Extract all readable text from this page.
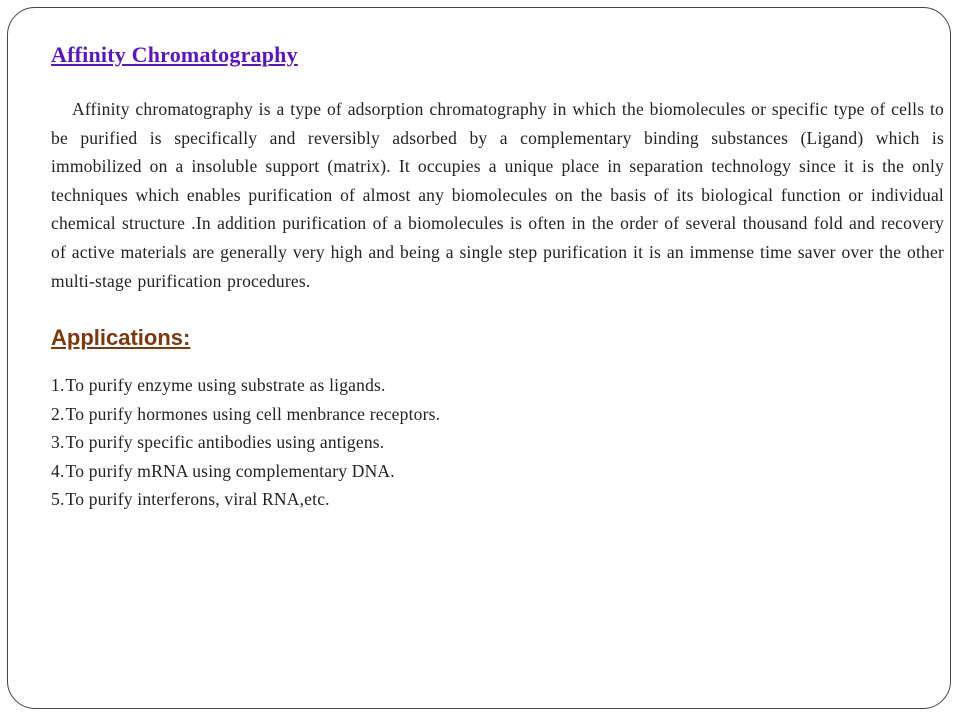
Affinity Chromatography

Affinity chromatography is a type of adsorption chromatography in which the biomolecules or specific type of cells to be purified is specifically and reversibly adsorbed by a complementary binding substances (Ligand) which is immobilized on a insoluble support (matrix). It occupies a unique place in separation technology since it is the only techniques which enables purification of almost any biomolecules on the basis of its biological function or individual chemical structure .In addition purification of a biomolecules is often in the order of several thousand fold and recovery of active materials are generally very high and being a single step purification it is an immense time saver over the other multi-stage purification procedures.

Applications:
1.To purify enzyme using substrate as ligands.
2.To purify hormones using cell menbrance receptors.
3.To purify specific antibodies using antigens.
4.To purify mRNA using complementary DNA.
5.To purify interferons, viral RNA,etc.
